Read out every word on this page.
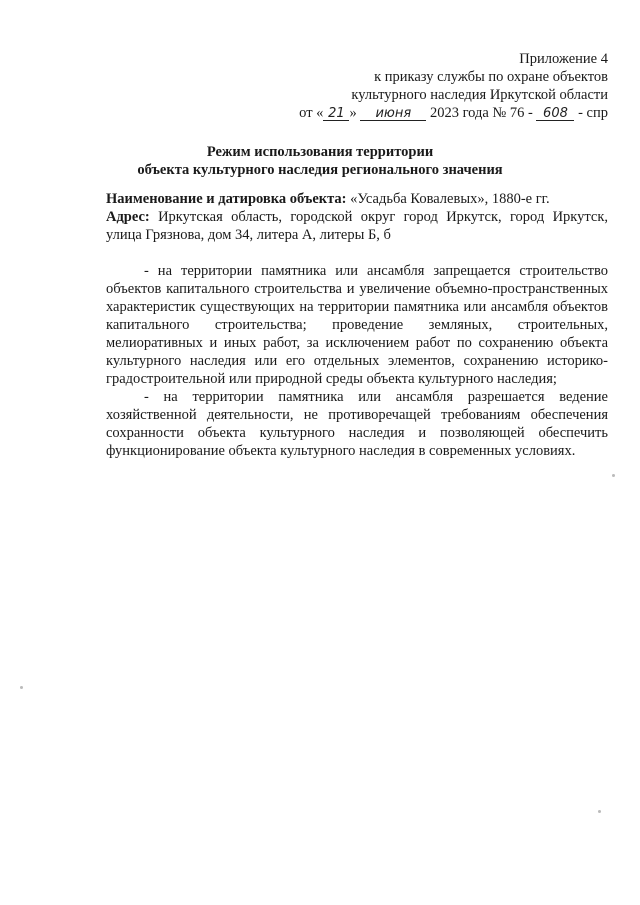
Приложение 4
к приказу службы по охране объектов
культурного наследия Иркутской области
от « 21 » июня 2023 года № 76 - 608 - спр
Режим использования территории
объекта культурного наследия регионального значения
Наименование и датировка объекта: «Усадьба Ковалевых», 1880-е гг.
Адрес: Иркутская область, городской округ город Иркутск, город Иркутск, улица Грязнова, дом 34, литера А, литеры Б, б

- на территории памятника или ансамбля запрещается строительство объектов капитального строительства и увеличение объемно-пространственных характеристик существующих на территории памятника или ансамбля объектов капитального строительства; проведение земляных, строительных, мелиоративных и иных работ, за исключением работ по сохранению объекта культурного наследия или его отдельных элементов, сохранению историко-градостроительной или природной среды объекта культурного наследия;

- на территории памятника или ансамбля разрешается ведение хозяйственной деятельности, не противоречащей требованиям обеспечения сохранности объекта культурного наследия и позволяющей обеспечить функционирование объекта культурного наследия в современных условиях.
